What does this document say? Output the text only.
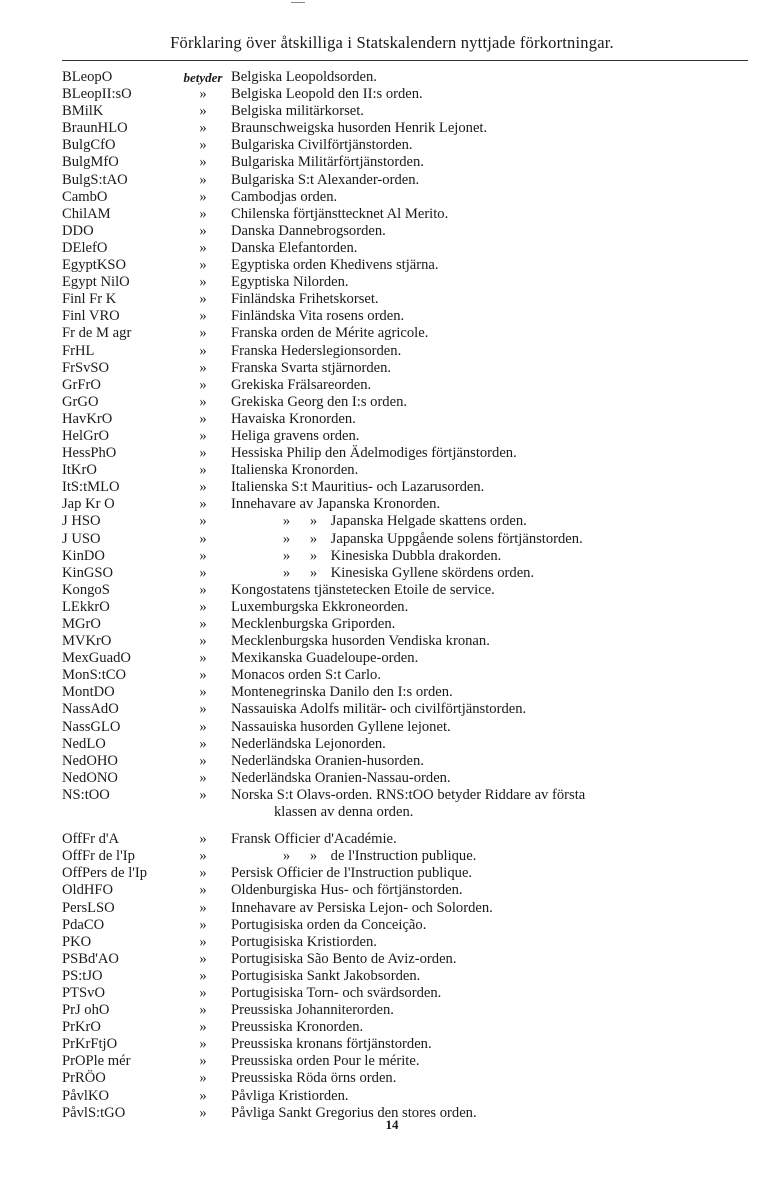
Förklaring över åtskilliga i Statskalendern nyttjade förkortningar.
BLeopO	betyder Belgiska Leopoldsorden.
BLeopII:sO	»	Belgiska Leopold den II:s orden.
BMilK	»	Belgiska militärkorset.
BraunHLO	»	Braunschweigska husorden Henrik Lejonet.
BulgCfO	»	Bulgariska Civilförtjänstorden.
BulgMfO	»	Bulgariska Militärförtjänstorden.
BulgS:tAO	»	Bulgariska S:t Alexander-orden.
CambO	»	Cambodjas orden.
ChilAM	»	Chilenska förtjänsttecknet Al Merito.
DDO	»	Danska Dannebrogsorden.
DElefO	»	Danska Elefantorden.
EgyptKSO	»	Egyptiska orden Khedivens stjärna.
Egypt NilO	»	Egyptiska Nilorden.
Finl Fr K	»	Finländska Frihetskorset.
Finl VRO	»	Finländska Vita rosens orden.
Fr de M agr	»	Franska orden de Mérite agricole.
FrHL	»	Franska Hederslegionsorden.
FrSvSO	»	Franska Svarta stjärnorden.
GrFrO	»	Grekiska Frälsareorden.
GrGO	»	Grekiska Georg den I:s orden.
HavKrO	»	Havaiska Kronorden.
HelGrO	»	Heliga gravens orden.
HessPhO	»	Hessiska Philip den Ädelmodiges förtjänstorden.
ItKrO	»	Italienska Kronorden.
ItS:tMLO	»	Italienska S:t Mauritius- och Lazarusorden.
Jap Kr O	»	Innehavare av Japanska Kronorden.
J HSO	»	» » Japanska Helgade skattens orden.
J USO	»	» » Japanska Uppgående solens förtjänstorden.
KinDO	»	» » Kinesiska Dubbla drakorden.
KinGSO	»	» » Kinesiska Gyllene skördens orden.
KongoS	»	Kongostatens tjänstetecken Etoile de service.
LEkkrO	»	Luxemburgska Ekkroneorden.
MGrO	»	Mecklenburgska Griporden.
MVKrO	»	Mecklenburgska husorden Vendiska kronan.
MexGuadO	»	Mexikanska Guadeloupe-orden.
MonS:tCO	»	Monacos orden S:t Carlo.
MontDO	»	Montenegrinska Danilo den I:s orden.
NassAdO	»	Nassauiska Adolfs militär- och civilförtjänstorden.
NassGLO	»	Nassauiska husorden Gyllene lejonet.
NedLO	»	Nederländska Lejonorden.
NedOHO	»	Nederländska Oranien-husorden.
NedONO	»	Nederländska Oranien-Nassau-orden.
NS:tOO	»	Norska S:t Olavs-orden. RNS:tOO betyder Riddare av första
klassen av denna orden.
OffFr d'A	»	Fransk Officier d'Académie.
OffFr de l'Ip	»	» » de l'Instruction publique.
OffPers de l'Ip	»	Persisk Officier de l'Instruction publique.
OldHFO	»	Oldenburgiska Hus- och förtjänstorden.
PersLSO	»	Innehavare av Persiska Lejon- och Solorden.
PdaCO	»	Portugisiska orden da Conceição.
PKO	»	Portugisiska Kristiorden.
PSBd'AO	»	Portugisiska São Bento de Aviz-orden.
PS:tJO	»	Portugisiska Sankt Jakobsorden.
PTSvO	»	Portugisiska Torn- och svärdsorden.
PrJ ohO	»	Preussiska Johanniterorden.
PrKrO	»	Preussiska Kronorden.
PrKrFtjO	»	Preussiska kronans förtjänstorden.
PrOPle mér	»	Preussiska orden Pour le mérite.
PrRÖO	»	Preussiska Röda örns orden.
PåvlKO	»	Påvliga Kristiorden.
PåvlS:tGO	»	Påvliga Sankt Gregorius den stores orden.
14
